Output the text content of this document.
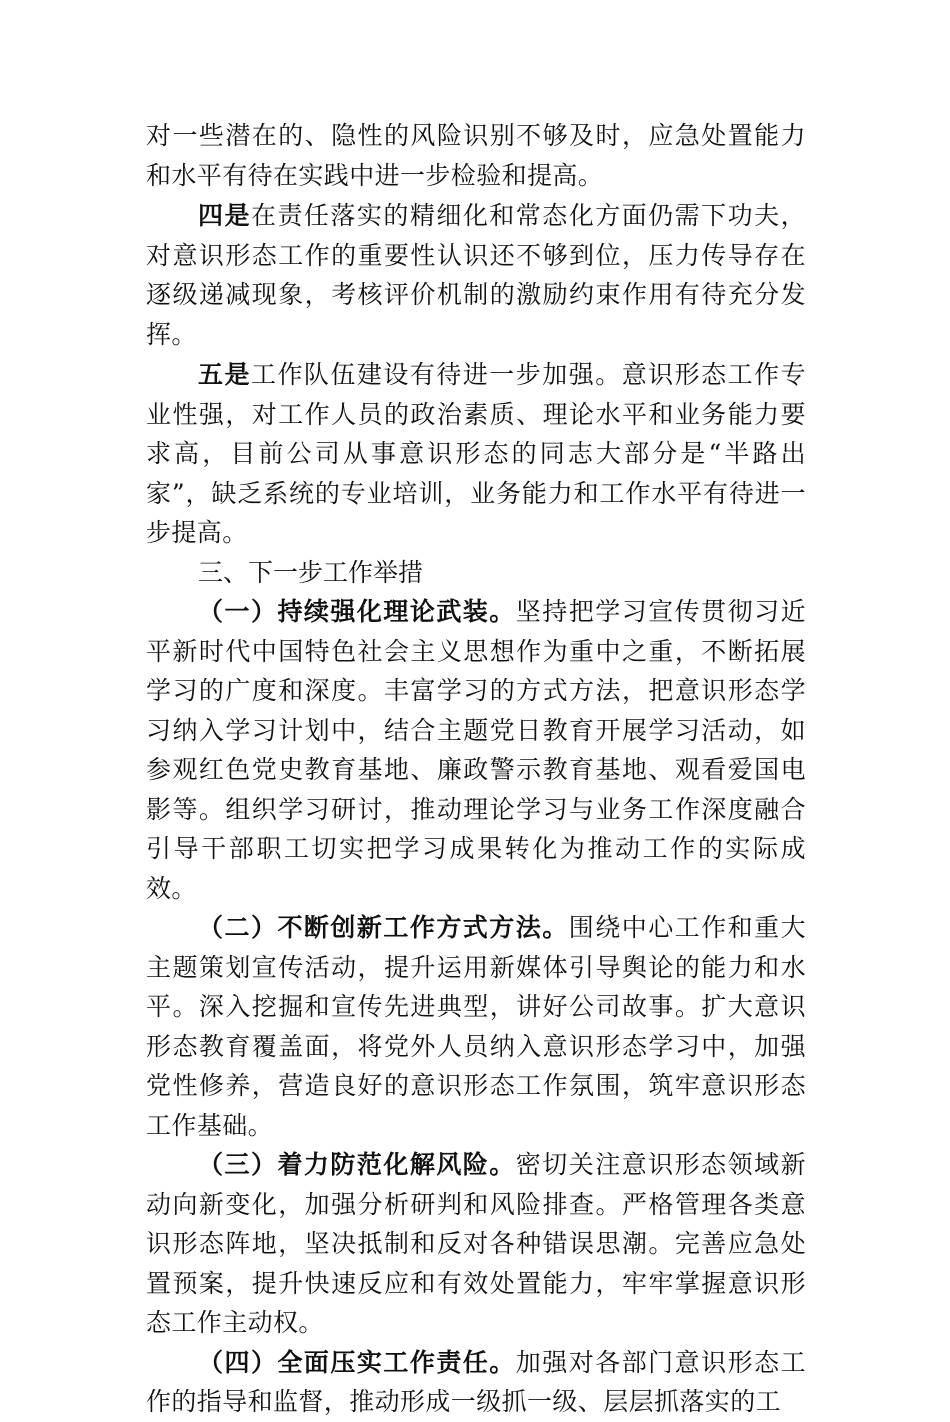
对一些潜在的、隐性的风险识别不够及时，应急处置能力和水平有待在实践中进一步检验和提高。

四是在责任落实的精细化和常态化方面仍需下功夫，对意识形态工作的重要性认识还不够到位，压力传导存在逐级递减现象，考核评价机制的激励约束作用有待充分发挥。

五是工作队伍建设有待进一步加强。意识形态工作专业性强，对工作人员的政治素质、理论水平和业务能力要求高，目前公司从事意识形态的同志大部分是“半路出家”，缺乏系统的专业培训，业务能力和工作水平有待进一步提高。

三、下一步工作举措

（一）持续强化理论武装。坚持把学习宣传贯彻习近平新时代中国特色社会主义思想作为重中之重，不断拓展学习的广度和深度。丰富学习的方式方法，把意识形态学习纳入学习计划中，结合主题党日教育开展学习活动，如参观红色党史教育基地、廉政警示教育基地、观看爱国电影等。组织学习研讨，推动理论学习与业务工作深度融合引导干部职工切实把学习成果转化为推动工作的实际成效。

（二）不断创新工作方式方法。围绕中心工作和重大主题策划宣传活动，提升运用新媒体引导舆论的能力和水平。深入挖掘和宣传先进典型，讲好公司故事。扩大意识形态教育覆盖面，将党外人员纳入意识形态学习中，加强党性修养，营造良好的意识形态工作氛围，筑牢意识形态工作基础。

（三）着力防范化解风险。密切关注意识形态领域新动向新变化，加强分析研判和风险排查。严格管理各类意识形态阵地，坚决抵制和反对各种错误思潮。完善应急处置预案，提升快速反应和有效处置能力，牢牢掌握意识形态工作主动权。

（四）全面压实工作责任。加强对各部门意识形态工作的指导和监督，推动形成一级抓一级、层层抓落实的工
